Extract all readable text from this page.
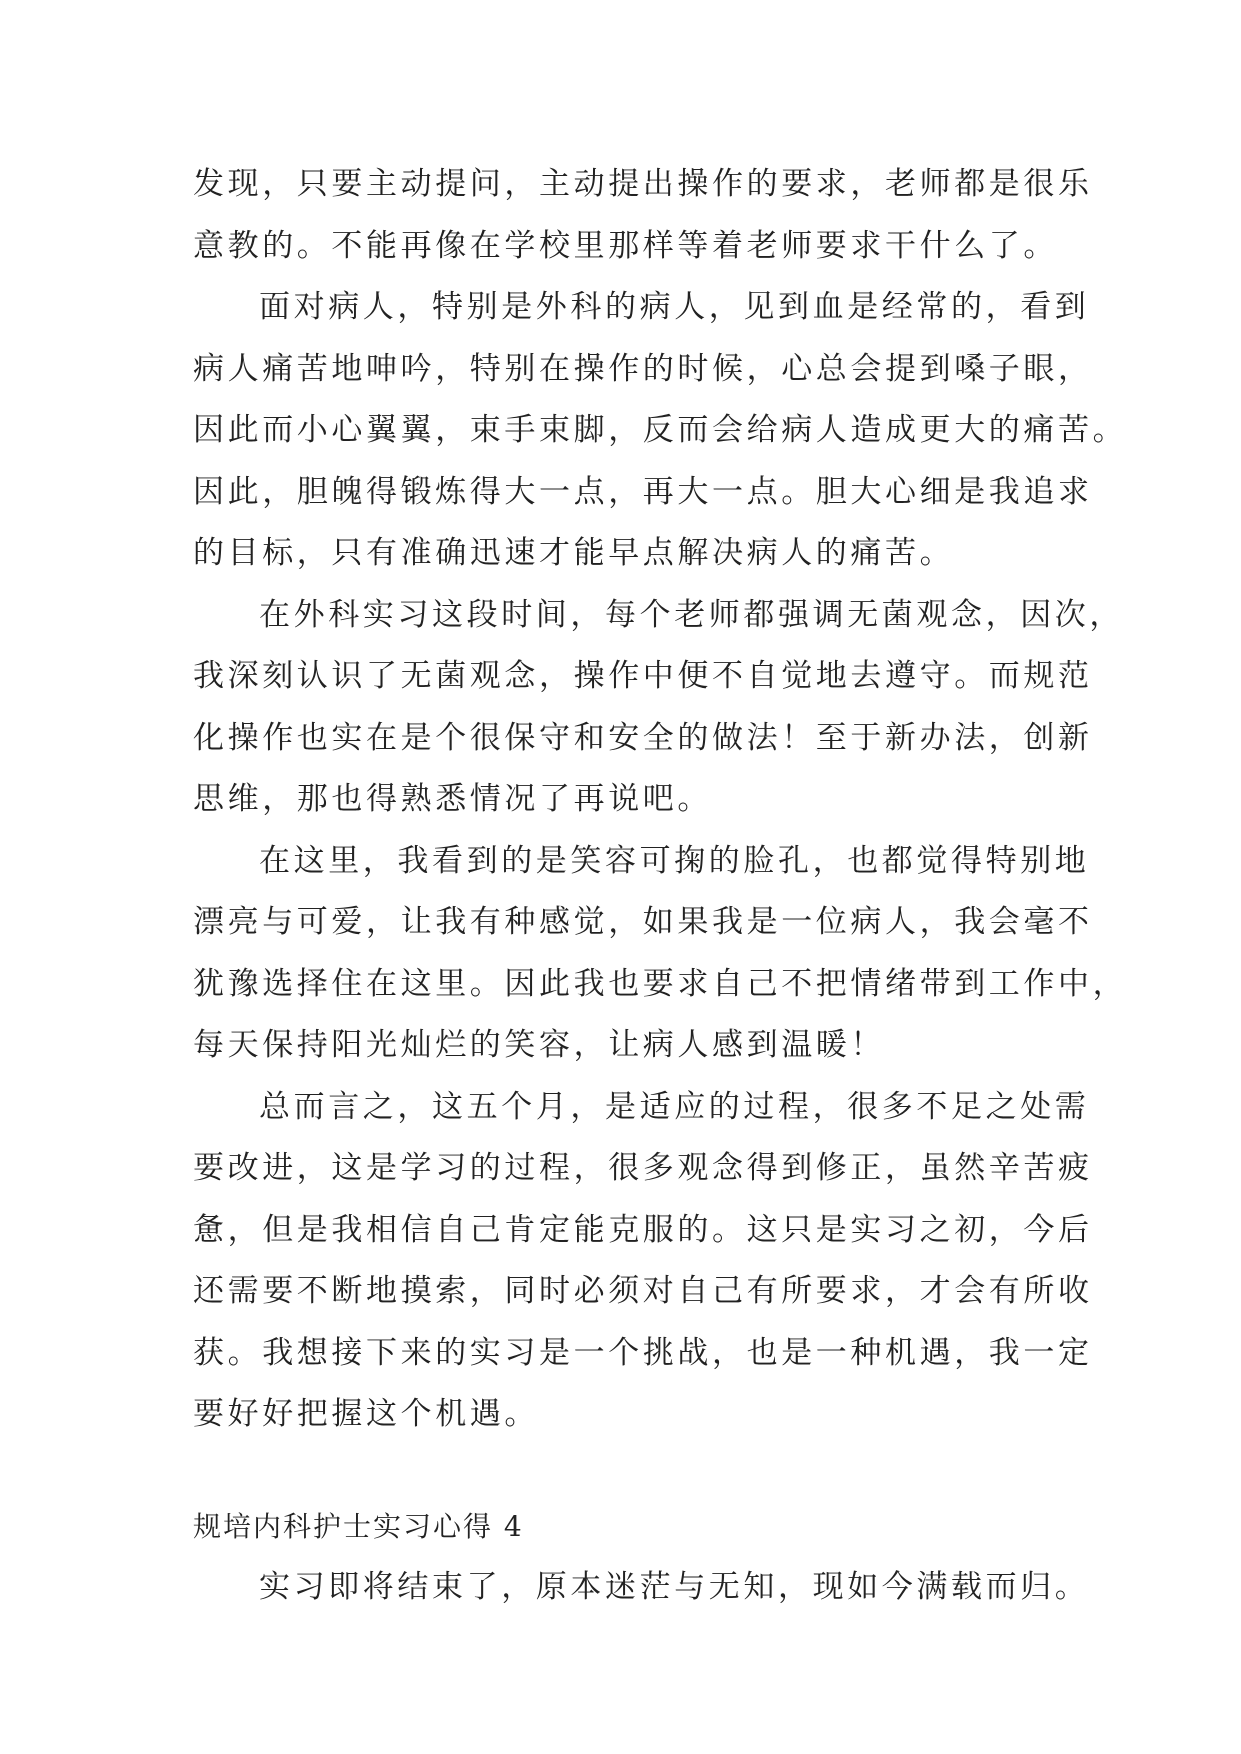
发现，只要主动提问，主动提出操作的要求，老师都是很乐
意教的。不能再像在学校里那样等着老师要求干什么了。
面对病人，特别是外科的病人，见到血是经常的，看到
病人痛苦地呻吟，特别在操作的时候，心总会提到嗓子眼，
因此而小心翼翼，束手束脚，反而会给病人造成更大的痛苦。
因此，胆魄得锻炼得大一点，再大一点。胆大心细是我追求
的目标，只有准确迅速才能早点解决病人的痛苦。
在外科实习这段时间，每个老师都强调无菌观念，因次，
我深刻认识了无菌观念，操作中便不自觉地去遵守。而规范
化操作也实在是个很保守和安全的做法！至于新办法，创新
思维，那也得熟悉情况了再说吧。
在这里，我看到的是笑容可掬的脸孔，也都觉得特别地
漂亮与可爱，让我有种感觉，如果我是一位病人，我会毫不
犹豫选择住在这里。因此我也要求自己不把情绪带到工作中，
每天保持阳光灿烂的笑容，让病人感到温暖！
总而言之，这五个月，是适应的过程，很多不足之处需
要改进，这是学习的过程，很多观念得到修正，虽然辛苦疲
惫，但是我相信自己肯定能克服的。这只是实习之初，今后
还需要不断地摸索，同时必须对自己有所要求，才会有所收
获。我想接下来的实习是一个挑战，也是一种机遇，我一定
要好好把握这个机遇。
规培内科护士实习心得 4
实习即将结束了，原本迷茫与无知，现如今满载而归。
